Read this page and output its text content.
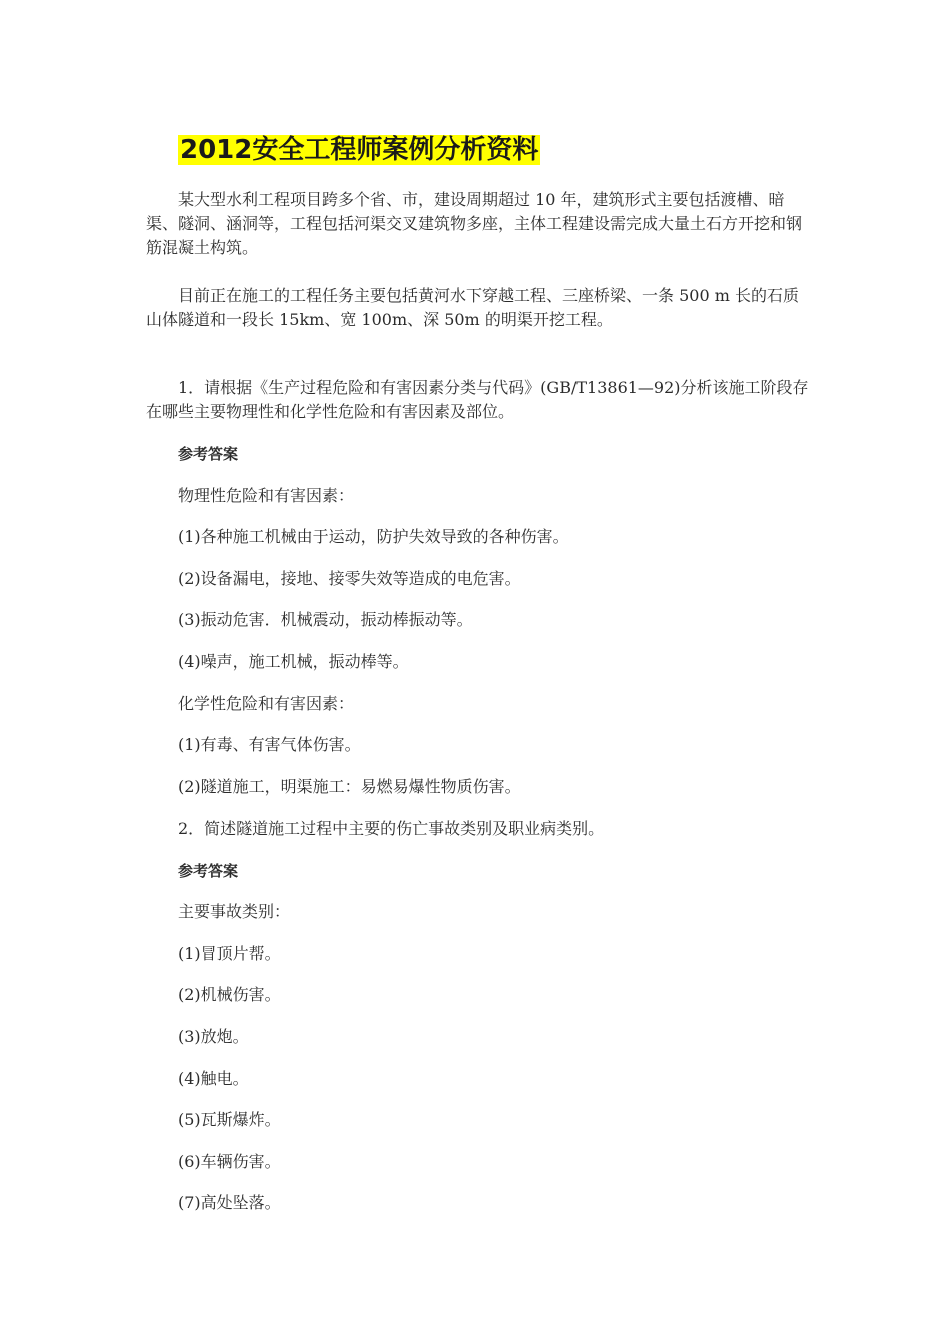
2012安全工程师案例分析资料

某大型水利工程项目跨多个省、市，建设周期超过 10 年，建筑形式主要包括渡槽、暗渠、隧洞、涵洞等，工程包括河渠交叉建筑物多座，主体工程建设需完成大量土石方开挖和钢筋混凝土构筑。

目前正在施工的工程任务主要包括黄河水下穿越工程、三座桥梁、一条 500 m 长的石质山体隧道和一段长 15km、宽 100m、深 50m 的明渠开挖工程。

1．请根据《生产过程危险和有害因素分类与代码》(GB/T13861—92)分析该施工阶段存在哪些主要物理性和化学性危险和有害因素及部位。

参考答案

物理性危险和有害因素：

(1)各种施工机械由于运动，防护失效导致的各种伤害。

(2)设备漏电，接地、接零失效等造成的电危害。

(3)振动危害．机械震动，振动棒振动等。

(4)噪声，施工机械，振动棒等。

化学性危险和有害因素：

(1)有毒、有害气体伤害。

(2)隧道施工，明渠施工：易燃易爆性物质伤害。

2．简述隧道施工过程中主要的伤亡事故类别及职业病类别。

参考答案

主要事故类别：

(1)冒顶片帮。

(2)机械伤害。

(3)放炮。

(4)触电。

(5)瓦斯爆炸。

(6)车辆伤害。

(7)高处坠落。
